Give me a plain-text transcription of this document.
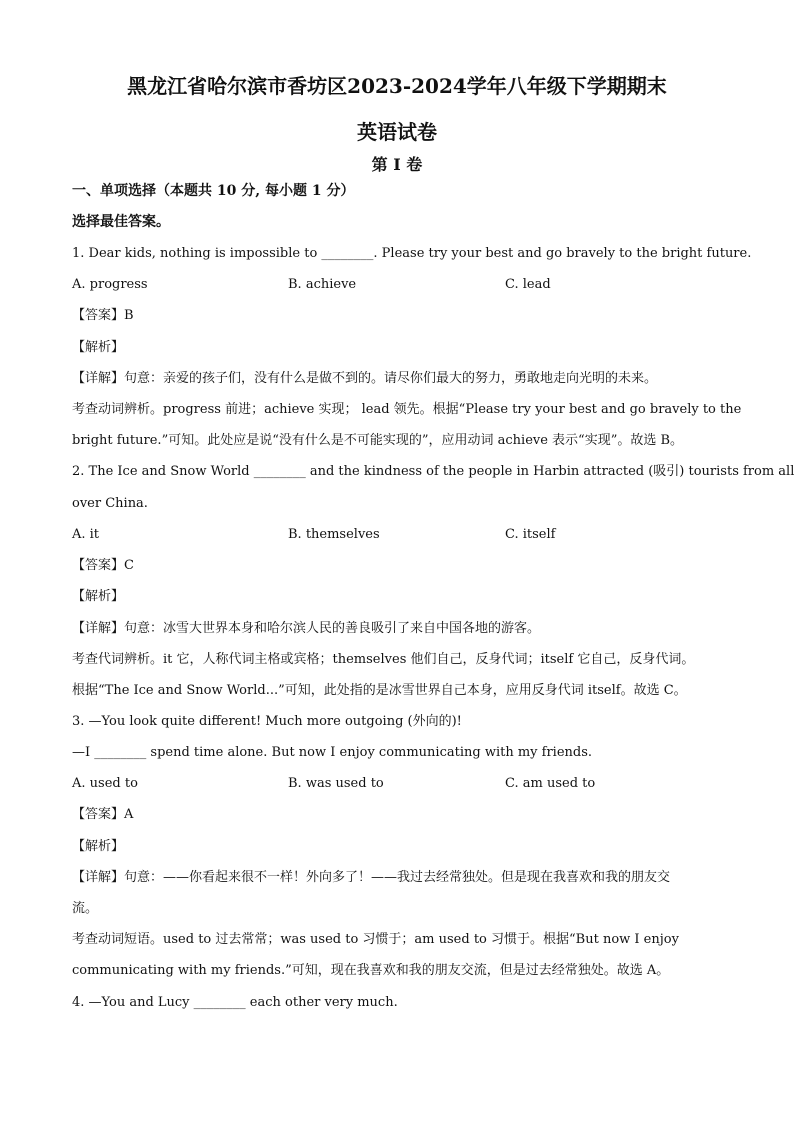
黑龙江省哈尔滨市香坊区2023-2024学年八年级下学期期末
英语试卷
第 I 卷
一、单项选择（本题共 10 分, 每小题 1 分）
选择最佳答案。
1. Dear kids, nothing is impossible to ________. Please try your best and go bravely to the bright future.
A. progress	B. achieve	C. lead
【答案】B
【解析】
【详解】句意：亲爱的孩子们，没有什么是做不到的。请尽你们最大的努力，勇敢地走向光明的未来。
考查动词辨析。progress 前进；achieve 实现； lead 领先。根据“Please try your best and go bravely to the
bright future.”可知。此处应是说“没有什么是不可能实现的”，应用动词 achieve 表示“实现”。故选 B。
2. The Ice and Snow World ________ and the kindness of the people in Harbin attracted (吸引) tourists from all
over China.
A. it	B. themselves	C. itself
【答案】C
【解析】
【详解】句意：冰雪大世界本身和哈尔滨人民的善良吸引了来自中国各地的游客。
考查代词辨析。it 它，人称代词主格或宾格；themselves 他们自己，反身代词；itself 它自己，反身代词。
根据“The Ice and Snow World...”可知，此处指的是冰雪世界自己本身，应用反身代词 itself。故选 C。
3. —You look quite different! Much more outgoing (外向的)!
—I ________ spend time alone. But now I enjoy communicating with my friends.
A. used to	B. was used to	C. am used to
【答案】A
【解析】
【详解】句意：——你看起来很不一样！外向多了！——我过去经常独处。但是现在我喜欢和我的朋友交
流。
考查动词短语。used to 过去常常；was used to 习惯于；am used to 习惯于。根据“But now I enjoy
communicating with my friends.”可知，现在我喜欢和我的朋友交流，但是过去经常独处。故选 A。
4. —You and Lucy ________ each other very much.
